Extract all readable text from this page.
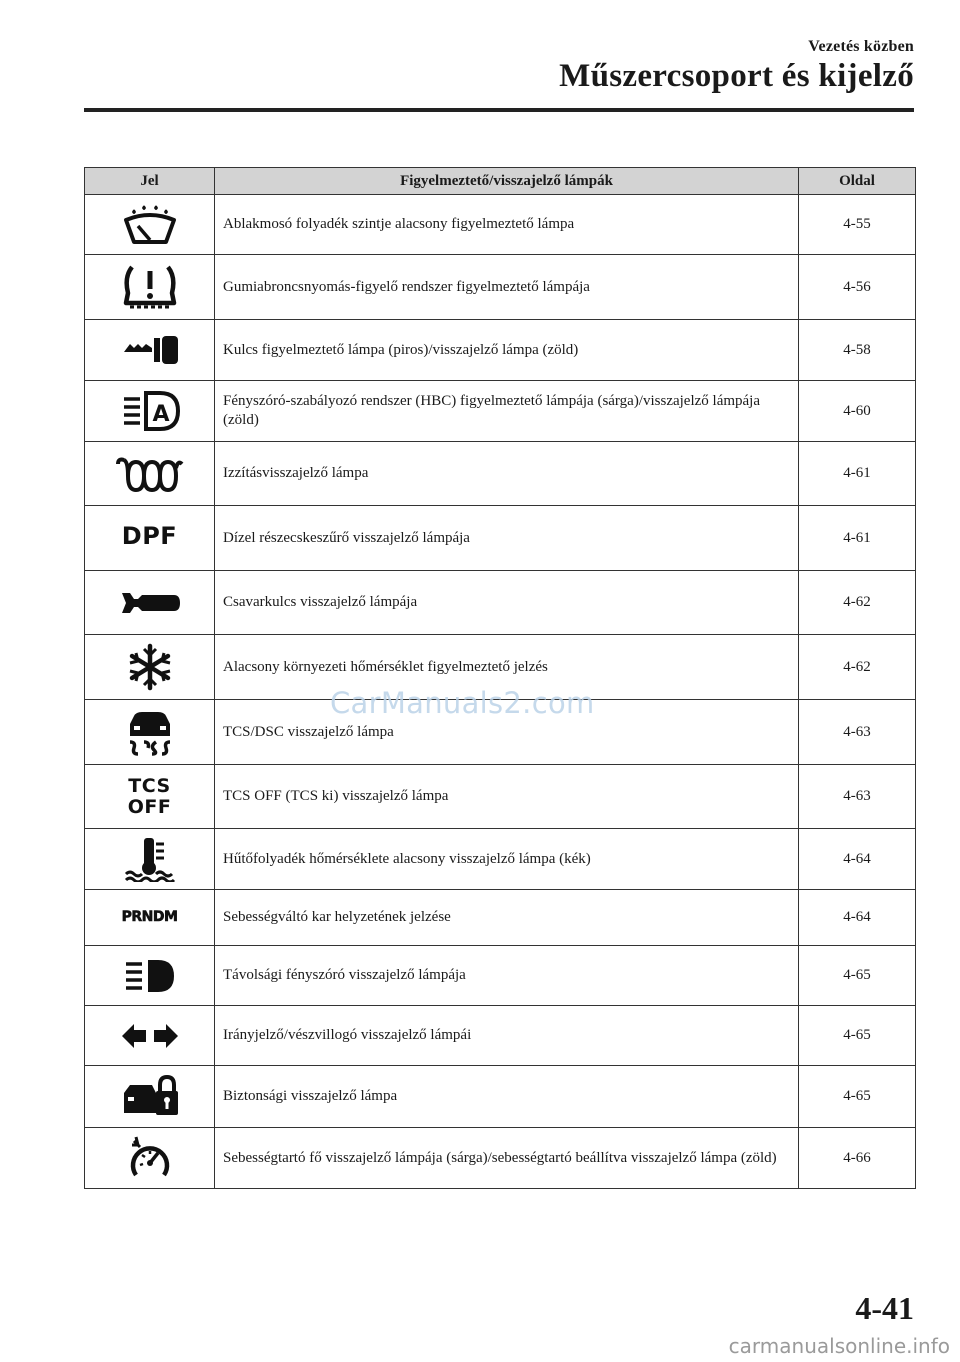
Vezetés közben
Műszercsoport és kijelző
Jel	Figyelmeztető/visszajelző lámpák	Oldal

	Ablakmosó folyadék szintje alacsony figyelmeztető lámpa	4-55

	Gumiabroncsnyomás-figyelő rendszer figyelmeztető lámpája	4-56

	Kulcs figyelmeztető lámpa (piros)/visszajelző lámpa (zöld)	4-58

A	Fényszóró-szabályozó rendszer (HBC) figyelmeztető lámpája (sárga)/visszajelző lámpája (zöld)	4-60

	Izzításvisszajelző lámpa	4-61
DPF	Dízel részecskeszűrő visszajelző lámpája	4-61

	Csavarkulcs visszajelző lámpája	4-62

	Alacsony környezeti hőmérséklet figyelmeztető jelzés	4-62

	TCS/DSC visszajelző lámpa	4-63

TCS
OFF	TCS OFF (TCS ki) visszajelző lámpa	4-63

	Hűtőfolyadék hőmérséklete alacsony visszajelző lámpa (kék)	4-64
PRNDM	Sebességváltó kar helyzetének jelzése	4-64

	Távolsági fényszóró visszajelző lámpája	4-65

	Irányjelző/vészvillogó visszajelző lámpái	4-65

	Biztonsági visszajelző lámpa	4-65

	Sebességtartó fő visszajelző lámpája (sárga)/sebességtartó beállítva visszajelző lámpa (zöld)	4-66
CarManuals2.com
4-41
carmanualsonline.info
